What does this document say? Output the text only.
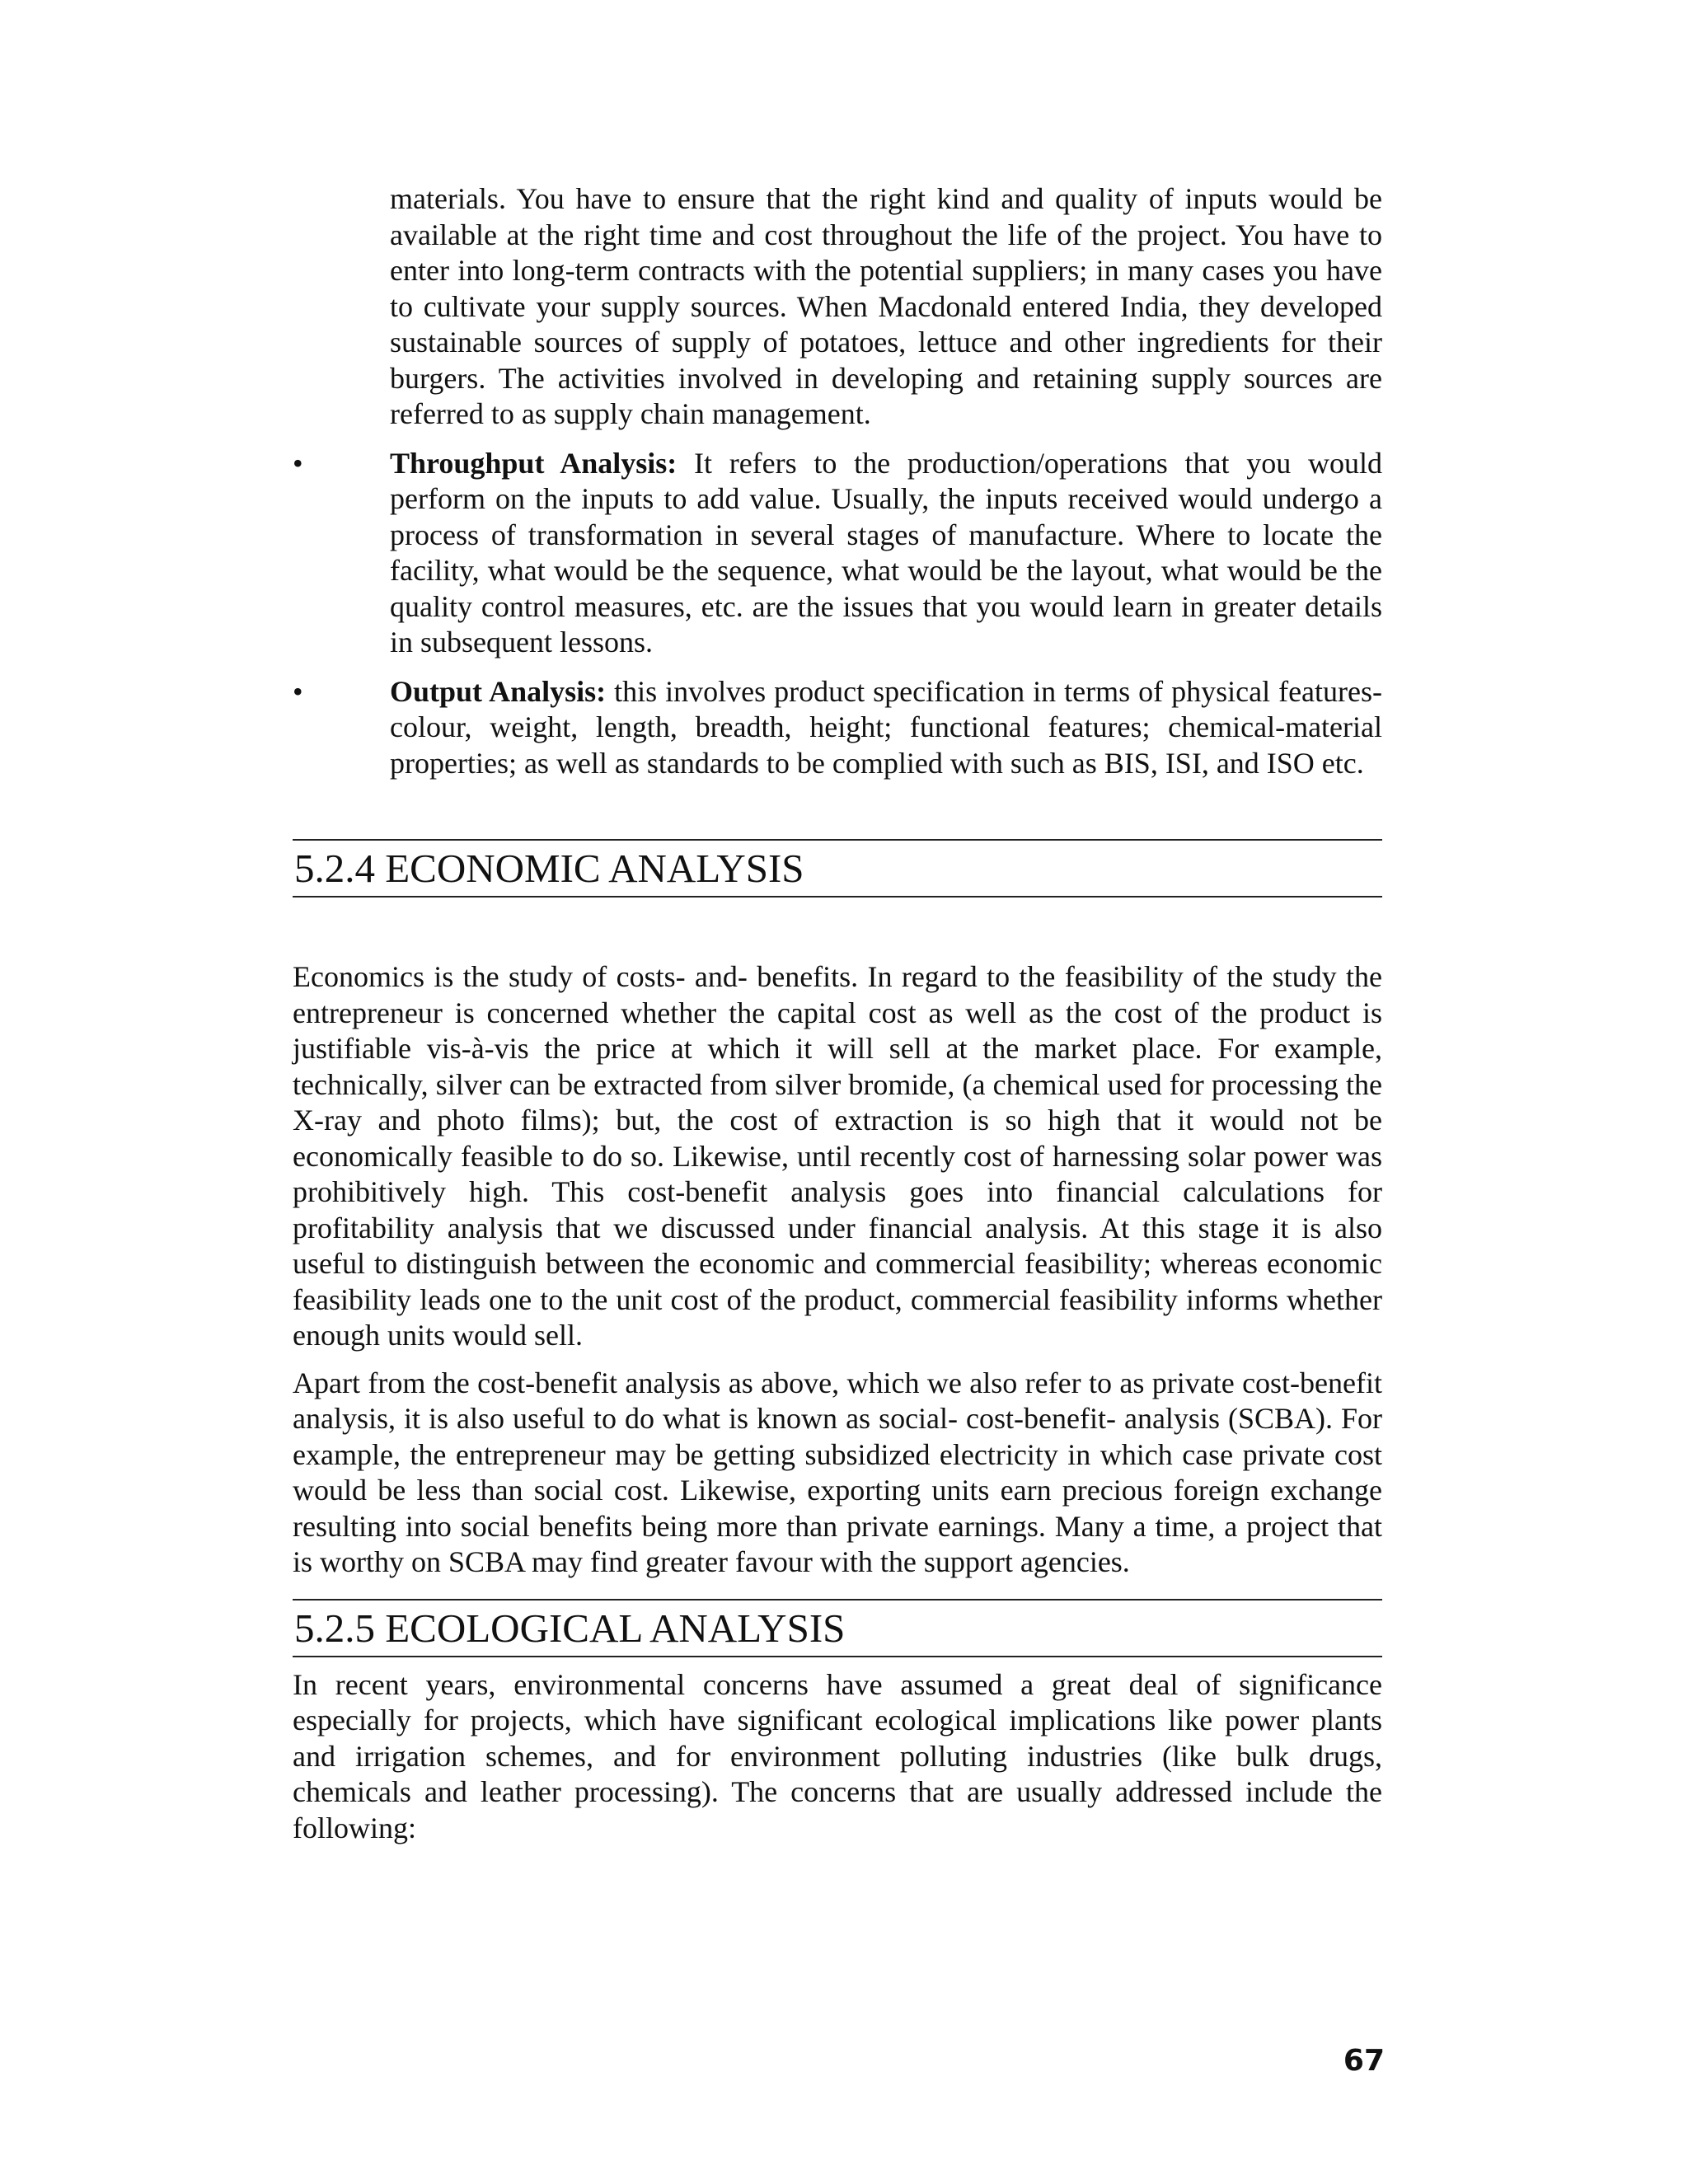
materials. You have to ensure that the right kind and quality of inputs would be available at the right time and cost throughout the life of the project. You have to enter into long-term contracts with the potential suppliers; in many cases you have to cultivate your supply sources. When Macdonald entered India, they developed sustainable sources of supply of potatoes, lettuce and other ingredients for their burgers. The activities involved in developing and retaining supply sources are referred to as supply chain management.

•	Throughput Analysis: It refers to the production/operations that you would perform on the inputs to add value. Usually, the inputs received would undergo a process of transformation in several stages of manufacture. Where to locate the facility, what would be the sequence, what would be the layout, what would be the quality control measures, etc. are the issues that you would learn in greater details in subsequent lessons.

•	Output Analysis: this involves product specification in terms of physical features- colour, weight, length, breadth, height; functional features; chemical-material properties; as well as standards to be complied with such as BIS, ISI, and ISO etc.

5.2.4 ECONOMIC ANALYSIS

Economics is the study of costs- and- benefits. In regard to the feasibility of the study the entrepreneur is concerned whether the capital cost as well as the cost of the product is justifiable vis-à-vis the price at which it will sell at the market place. For example, technically, silver can be extracted from silver bromide, (a chemical used for processing the X-ray and photo films); but, the cost of extraction is so high that it would not be economically feasible to do so. Likewise, until recently cost of harnessing solar power was prohibitively high. This cost-benefit analysis goes into financial calculations for profitability analysis that we discussed under financial analysis. At this stage it is also useful to distinguish between the economic and commercial feasibility; whereas economic feasibility leads one to the unit cost of the product, commercial feasibility informs whether enough units would sell.

Apart from the cost-benefit analysis as above, which we also refer to as private cost-benefit analysis, it is also useful to do what is known as social- cost-benefit- analysis (SCBA). For example, the entrepreneur may be getting subsidized electricity in which case private cost would be less than social cost. Likewise, exporting units earn precious foreign exchange resulting into social benefits being more than private earnings. Many a time, a project that is worthy on SCBA may find greater favour with the support agencies.

5.2.5 ECOLOGICAL ANALYSIS

In recent years, environmental concerns have assumed a great deal of significance especially for projects, which have significant ecological implications like power plants and irrigation schemes, and for environment polluting industries (like bulk drugs, chemicals and leather processing). The concerns that are usually addressed include the following:

67
